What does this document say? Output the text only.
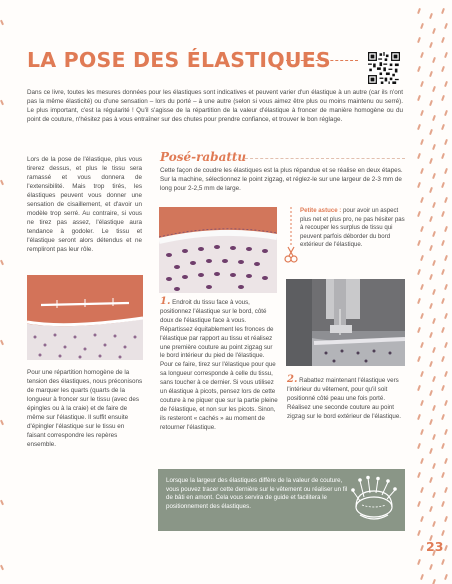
LA POSE DES ÉLASTIQUES

Dans ce livre, toutes les mesures données pour les élastiques sont indicatives et peuvent varier d'un élastique à un autre (car ils n'ont pas la même élasticité) ou d'une sensation – lors du porté – à une autre (selon si vous aimez être plus ou moins maintenu ou serré). Le plus important, c'est la régularité ! Qu'il s'agisse de la répartition de la valeur d'élastique à froncer de manière homogène ou du point de couture, n'hésitez pas à vous entraîner sur des chutes pour prendre confiance, et trouver le bon réglage.

Lors de la pose de l'élastique, plus vous tirerez dessus, et plus le tissu sera ramassé et vous donnera de l'extensibilité. Mais trop tirés, les élastiques peuvent vous donner une sensation de cisaillement, et d'avoir un modèle trop serré. Au contraire, si vous ne tirez pas assez, l'élastique aura tendance à godoler. Le tissu et l'élastique seront alors détendus et ne rempliront pas leur rôle.

Pour une répartition homogène de la tension des élastiques, nous préconisons de marquer les quarts (quarts de la longueur à froncer sur le tissu (avec des épingles ou à la craie) et de faire de même sur l'élastique. Il suffit ensuite d'épingler l'élastique sur le tissu en faisant correspondre les repères ensemble.

Posé-rabattu

Cette façon de coudre les élastiques est la plus répandue et se réalise en deux étapes. Sur la machine, sélectionnez le point zigzag, et réglez-le sur une largeur de 2-3 mm de long pour 2-2,5 mm de large.

Petite astuce : pour avoir un aspect plus net et plus pro, ne pas hésiter pas à recouper les surplus de tissu qui peuvent parfois déborder du bord extérieur de l'élastique.

1. Endroit du tissu face à vous, positionnez l'élastique sur le bord, côté doux de l'élastique face à vous. Répartissez équitablement les fronces de l'élastique par rapport au tissu et réalisez une première couture au point zigzag sur le bord intérieur du pied de l'élastique. Pour ce faire, tirez sur l'élastique pour que sa longueur corresponde à celle du tissu, sans toucher à ce dernier. Si vous utilisez un élastique à picots, pensez lors de cette couture à ne piquer que sur la partie pleine de l'élastique, et non sur les picots. Sinon, ils resteront « cachés » au moment de retourner l'élastique.

2. Rabattez maintenant l'élastique vers l'intérieur du vêtement, pour qu'il soit positionné côté peau une fois porté. Réalisez une seconde couture au point zigzag sur le bord extérieur de l'élastique.

Lorsque la largeur des élastiques diffère de la valeur de couture, vous pouvez tracer cette dernière sur le vêtement ou réaliser un fil de bâti en amont. Cela vous servira de guide et facilitera le positionnement des élastiques.

23
